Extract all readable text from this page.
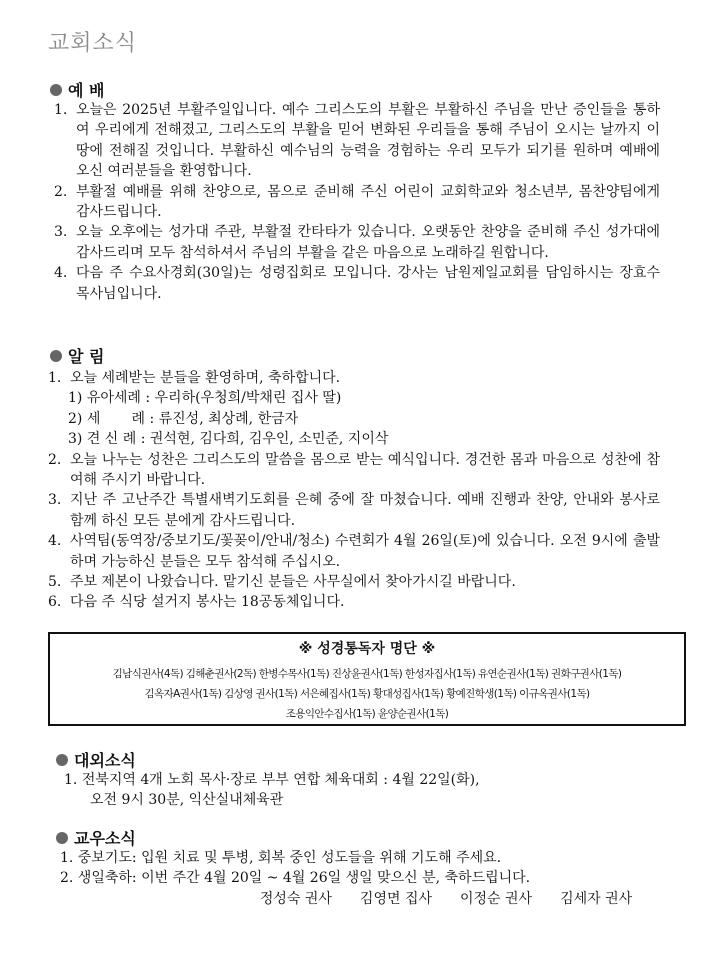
교회소식
예 배
1. 오늘은 2025년 부활주일입니다. 예수 그리스도의 부활은 부활하신 주님을 만난 증인들을 통하여 우리에게 전해졌고, 그리스도의 부활을 믿어 변화된 우리들을 통해 주님이 오시는 날까지 이 땅에 전해질 것입니다. 부활하신 예수님의 능력을 경험하는 우리 모두가 되기를 원하며 예배에 오신 여러분들을 환영합니다.
2. 부활절 예배를 위해 찬양으로, 몸으로 준비해 주신 어린이 교회학교와 청소년부, 몸찬양팀에게 감사드립니다.
3. 오늘 오후에는 성가대 주관, 부활절 칸타타가 있습니다. 오랫동안 찬양을 준비해 주신 성가대에 감사드리며 모두 참석하셔서 주님의 부활을 같은 마음으로 노래하길 원합니다.
4. 다음 주 수요사경회(30일)는 성령집회로 모입니다. 강사는 남원제일교회를 담임하시는 장효수 목사님입니다.
알 림
1. 오늘 세례받는 분들을 환영하며, 축하합니다.
1) 유아세례 : 우리하(우청희/박채린 집사 딸)
2) 세       례 : 류진성, 최상례, 한금자
3) 견 신 례 : 권석현, 김다희, 김우인, 소민준, 지이삭
2. 오늘 나누는 성찬은 그리스도의 말씀을 몸으로 받는 예식입니다. 경건한 몸과 마음으로 성찬에 참여해 주시기 바랍니다.
3. 지난 주 고난주간 특별새벽기도회를 은혜 중에 잘 마쳤습니다. 예배 진행과 찬양, 안내와 봉사로 함께 하신 모든 분에게 감사드립니다.
4. 사역팀(동역장/중보기도/꽃꽂이/안내/청소) 수련회가 4월 26일(토)에 있습니다. 오전 9시에 출발하며 가능하신 분들은 모두 참석해 주십시오.
5. 주보 제본이 나왔습니다. 맡기신 분들은 사무실에서 찾아가시길 바랍니다.
6. 다음 주 식당 설거지 봉사는 18공동체입니다.
※ 성경통독자 명단 ※
김남식권사(4독) 김해춘권사(2독) 한병수목사(1독) 진상윤권사(1독) 한성자집사(1독) 유연순권사(1독) 권화구권사(1독)
김옥자A권사(1독) 김상영 권사(1독) 서은혜집사(1독) 황대성집사(1독) 황예진학생(1독) 이규옥권사(1독)
조용익안수집사(1독) 윤양순권사(1독)
대외소식
1. 전북지역 4개 노회 목사·장로 부부 연합 체육대회 : 4월 22일(화),
오전 9시 30분, 익산실내체육관
교우소식
1. 중보기도: 입원 치료 및 투병, 회복 중인 성도들을 위해 기도해 주세요.
2. 생일축하: 이번 주간 4월 20일 ~ 4월 26일 생일 맞으신 분, 축하드립니다.
정성숙 권사 김영면 집사 이정순 권사 김세자 권사
